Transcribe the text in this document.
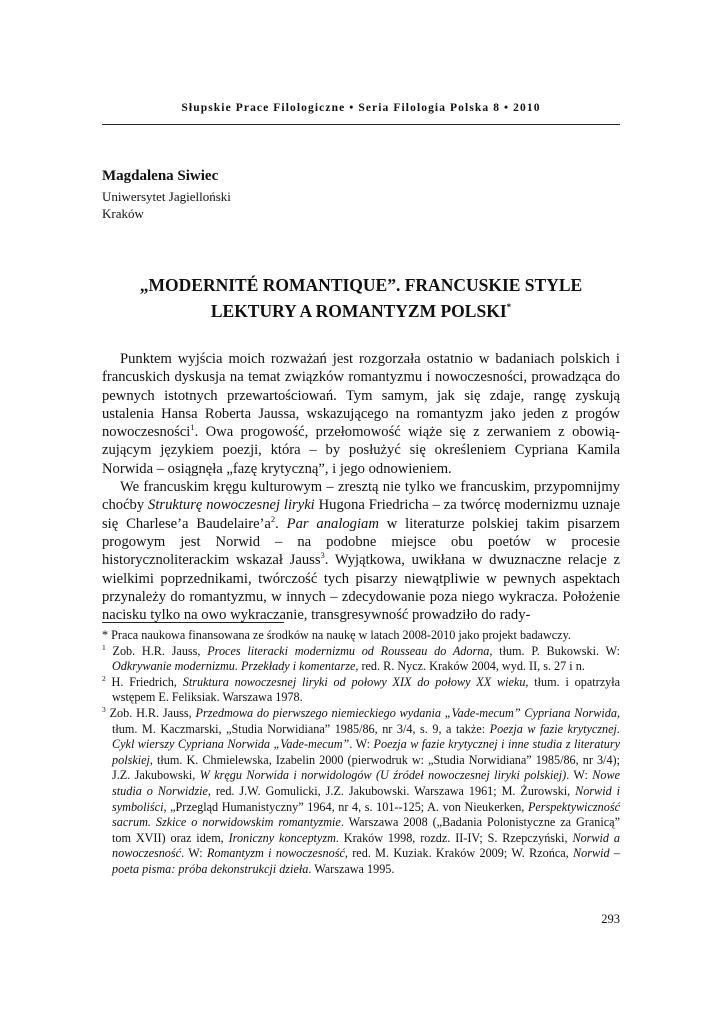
Słupskie Prace Filologiczne • Seria Filologia Polska 8 • 2010
Magdalena Siwiec
Uniwersytet Jagielloński
Kraków
„MODERNITÉ ROMANTIQUE”. FRANCUSKIE STYLE
LEKTURY A ROMANTYZM POLSKI*

Punktem wyjścia moich rozważań jest rozgorzała ostatnio w badaniach polskich i francuskich dyskusja na temat związków romantyzmu i nowoczesności, prowadząca do pewnych istotnych przewartościowań. Tym samym, jak się zdaje, rangę zyskują ustalenia Hansa Roberta Jaussa, wskazującego na romantyzm jako jeden z progów nowoczesności$^1$. Owa progowość, przełomowość wiąże się z zerwaniem z obowiązującym językiem poezji, która – by posłużyć się określeniem Cypriana Kamila Norwida – osiągnęła „fazę krytyczną”, i jego odnowieniem.

We francuskim kręgu kulturowym – zresztą nie tylko we francuskim, przypomnijmy choćby Strukturę nowoczesnej liryki Hugona Friedricha – za twórcę modernizmu uznaje się Charlese’a $Baudelaire’a^2$. Par analogiam w literaturze polskiej takim pisarzem progowym jest Norwid – na podobne miejsce obu poetów w procesie historycznoliterackim wskazał Jauss$^3$. Wyjątkowa, uwikłana w dwuznaczne relacje z wielkimi poprzednikami, twórczość tych pisarzy niewątpliwie w pewnych aspektach przynależy do romantyzmu, w innych – zdecydowanie poza niego wykracza. Położenie nacisku tylko na owo wykraczanie, transgresywność prowadziło do rady-

* Praca naukowa finansowana ze środków na naukę w latach 2008-2010 jako projekt badawczy.
$^1$ Zob. H.R. Jauss, Proces literacki modernizmu od Rousseau do Adorna, tłum. P. Bukowski. W: Odkrywanie modernizmu. Przekłady i komentarze, red. R. Nycz. Kraków 2004, wyd. II, s. 27 i n.
$^2$ H. Friedrich, Struktura nowoczesnej liryki od połowy XIX do połowy XX wieku, tłum. i opatrzyła wstępem E. Feliksiak. Warszawa 1978.
$^3$ Zob. H.R. Jauss, Przedmowa do pierwszego niemieckiego wydania „Vade-mecum” Cypriana Norwida, tłum. M. Kaczmarski, „Studia Norwidiana” 1985/86, nr 3/4, s. 9, a także: Poezja w fazie krytycznej. Cykl wierszy Cypriana Norwida „Vade-mecum”. W: Poezja w fazie krytycznej i inne studia z literatury polskiej, tłum. K. Chmielewska, Izabelin 2000 (pierwodruk w: „Studia Norwidiana” 1985/86, nr 3/4); J.Z. Jakubowski, W kręgu Norwida i norwidologów (U źródeł nowoczesnej liryki polskiej). W: Nowe studia o Norwidzie, red. J.W. Gomulicki, J.Z. Jakubowski. Warszawa 1961; M. Żurowski, Norwid i symboliści, „Przegląd Humanistyczny” 1964, nr 4, s. 101--125; A. von Nieukerken, Perspektywiczność sacrum. Szkice o norwidowskim romantyzmie. Warszawa 2008 („Badania Polonistyczne za Granicą” tom XVII) oraz idem, Ironiczny konceptyzm. Kraków 1998, rozdz. II-IV; S. Rzepczyński, Norwid a nowoczesność. W: Romantyzm i nowoczesność, red. M. Kuziak. Kraków 2009; W. Rzońca, Norwid – poeta pisma: próba dekonstrukcji dzieła. Warszawa 1995.
293
